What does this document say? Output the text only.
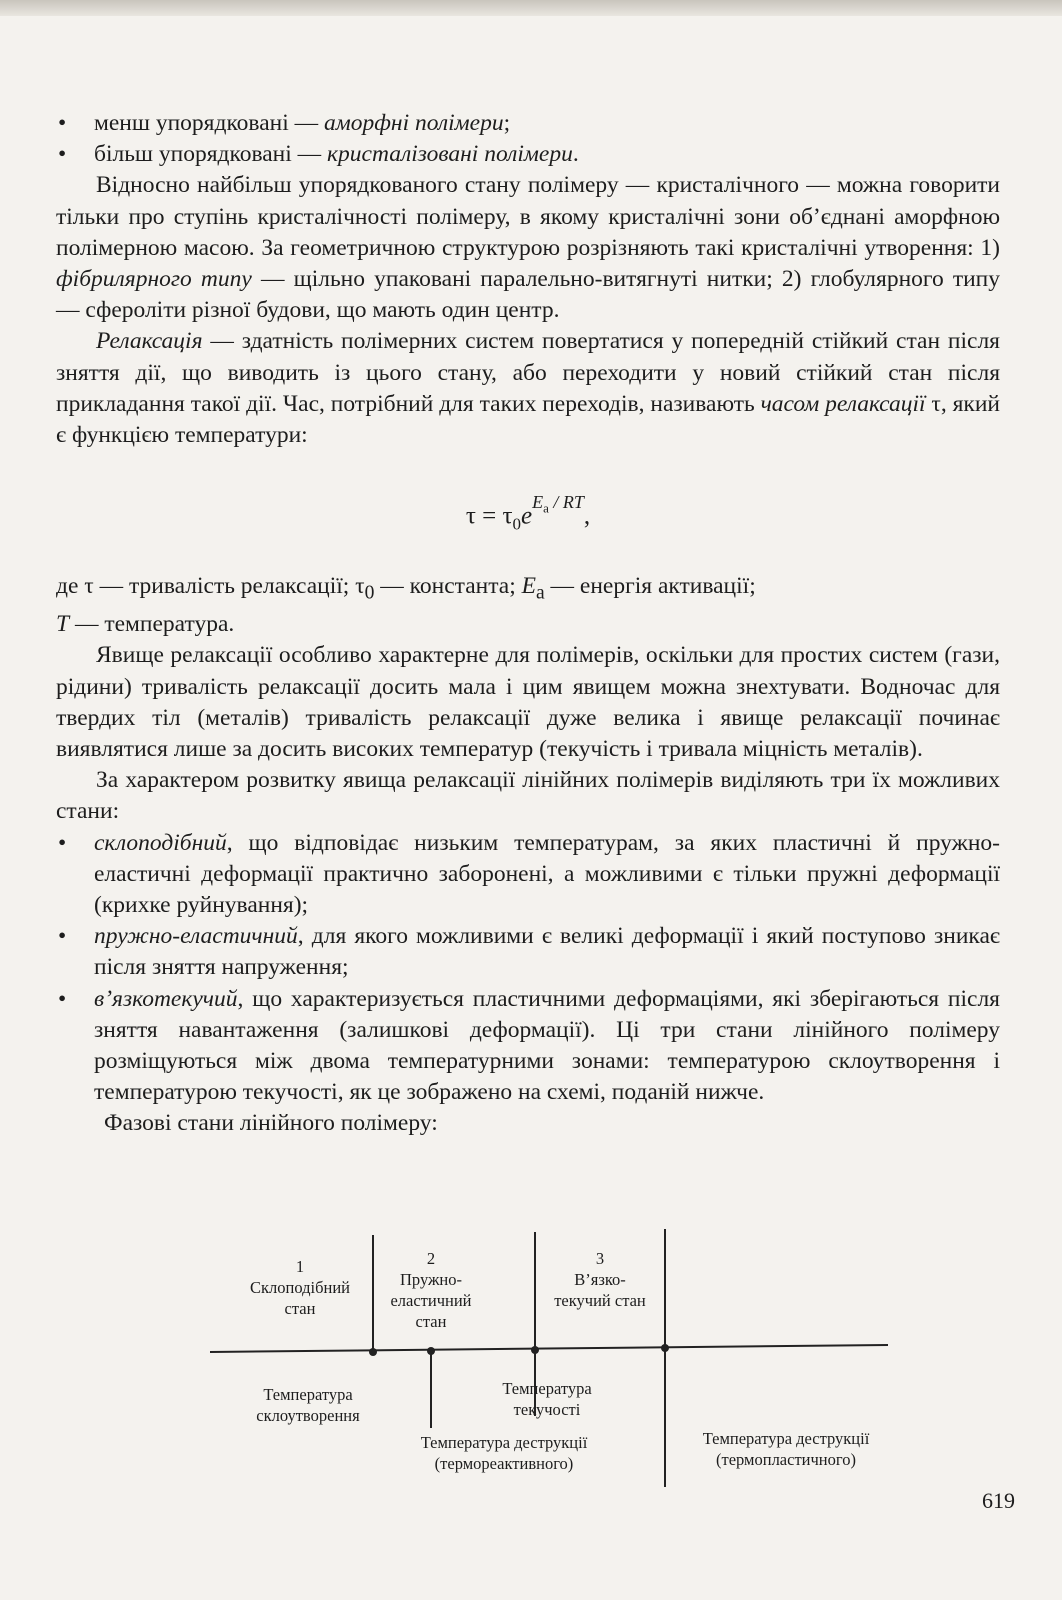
• менш упорядковані — аморфні полімери;

• більш упорядковані — кристалізовані полімери.

Відносно найбільш упорядкованого стану полімеру — кристалічного — можна говорити тільки про ступінь кристалічності полімеру, в якому кристалічні зони об’єднані аморфною полімерною масою. За геометричною структурою розрізняють такі кристалічні утворення: 1) фібрилярного типу — щільно упаковані паралельно-витягнуті нитки; 2) глобулярного типу — сфероліти різної будови, що мають один центр.

Релаксація — здатність полімерних систем повертатися у попередній стійкий стан після зняття дії, що виводить із цього стану, або переходити у новий стійкий стан після прикладання такої дії. Час, потрібний для таких переходів, називають часом релаксації τ, який є функцією температури:

$\tau = \tau_0e^{E_a / RT}$,

де τ — тривалість релаксації; $\tau_0$ — константа; $E_a$ — енергія активації;
T — температура.

Явище релаксації особливо характерне для полімерів, оскільки для простих систем (гази, рідини) тривалість релаксації досить мала і цим явищем можна знехтувати. Водночас для твердих тіл (металів) тривалість релаксації дуже велика і явище релаксації починає виявлятися лише за досить високих температур (текучість і тривала міцність металів).

За характером розвитку явища релаксації лінійних полімерів виділяють три їх можливих стани:

• склоподібний, що відповідає низьким температурам, за яких пластичні й пружно-еластичні деформації практично заборонені, а можливими є тільки пружні деформації (крихке руйнування);

• пружно-еластичний, для якого можливими є великі деформації і який поступово зникає після зняття напруження;

• в’язкотекучий, що характеризується пластичними деформаціями, які зберігаються після зняття навантаження (залишкові деформації). Ці три стани лінійного полімеру розміщуються між двома температурними зонами: температурою склоутворення і температурою текучості, як це зображено на схемі, поданій нижче.

Фазові стани лінійного полімеру:

1
Склоподібний
стан
2
Пружно-
еластичний
стан
3
В’язко-
текучий стан
Температура
склоутворення
Температура
текучості
Температура деструкції
(термореактивного)
Температура деструкції
(термопластичного)
619
